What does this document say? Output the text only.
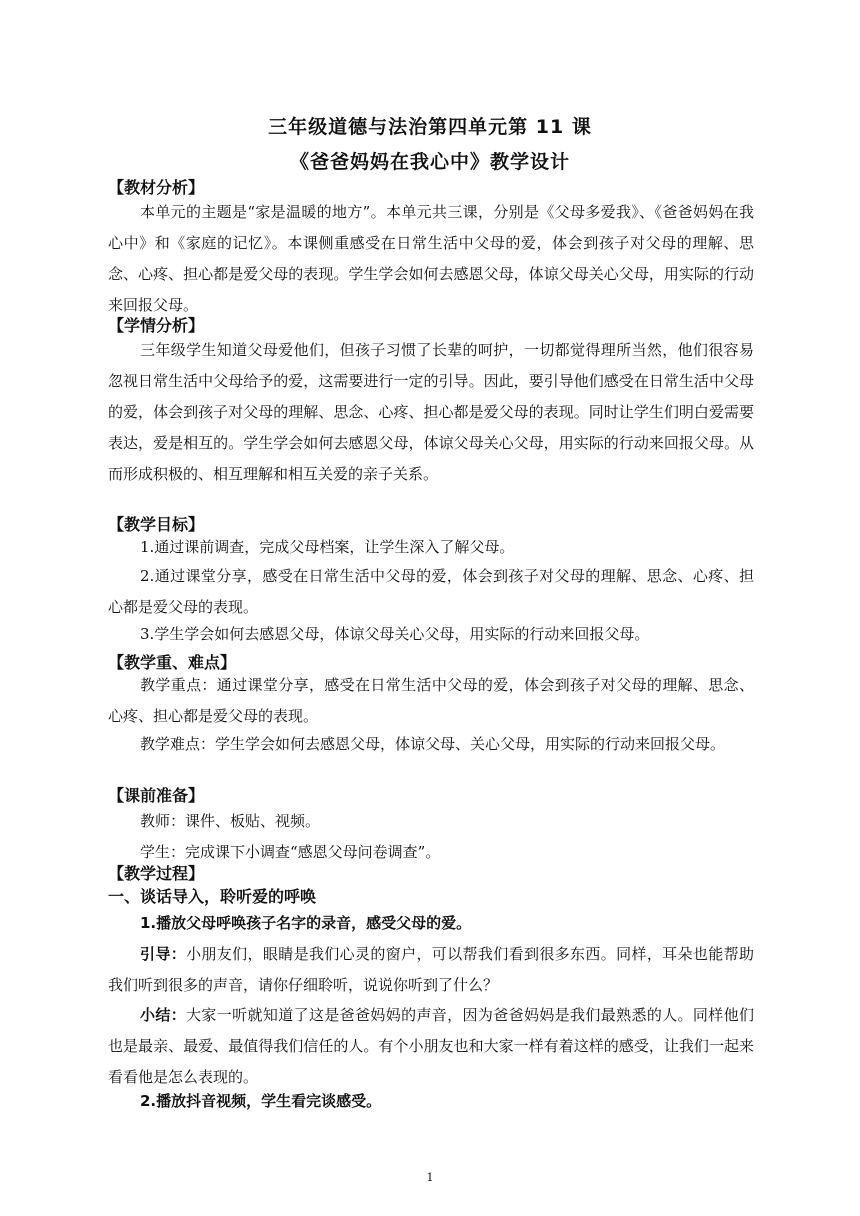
三年级道德与法治第四单元第 11 课
《爸爸妈妈在我心中》教学设计
【教材分析】

本单元的主题是“家是温暖的地方”。本单元共三课，分别是《父母多爱我》、《爸爸妈妈在我心中》和《家庭的记忆》。本课侧重感受在日常生活中父母的爱，体会到孩子对父母的理解、思念、心疼、担心都是爱父母的表现。学生学会如何去感恩父母，体谅父母关心父母，用实际的行动来回报父母。

【学情分析】

三年级学生知道父母爱他们，但孩子习惯了长辈的呵护，一切都觉得理所当然，他们很容易忽视日常生活中父母给予的爱，这需要进行一定的引导。因此，要引导他们感受在日常生活中父母的爱，体会到孩子对父母的理解、思念、心疼、担心都是爱父母的表现。同时让学生们明白爱需要表达，爱是相互的。学生学会如何去感恩父母，体谅父母关心父母，用实际的行动来回报父母。从而形成积极的、相互理解和相互关爱的亲子关系。

【教学目标】

1.通过课前调查，完成父母档案，让学生深入了解父母。

2.通过课堂分享，感受在日常生活中父母的爱，体会到孩子对父母的理解、思念、心疼、担心都是爱父母的表现。

3.学生学会如何去感恩父母，体谅父母关心父母，用实际的行动来回报父母。

【教学重、难点】

教学重点：通过课堂分享，感受在日常生活中父母的爱，体会到孩子对父母的理解、思念、心疼、担心都是爱父母的表现。

教学难点：学生学会如何去感恩父母，体谅父母、关心父母，用实际的行动来回报父母。

【课前准备】

教师：课件、板贴、视频。

学生：完成课下小调查“感恩父母问卷调查”。

【教学过程】
一、谈话导入，聆听爱的呼唤

1.播放父母呼唤孩子名字的录音，感受父母的爱。

引导：小朋友们，眼睛是我们心灵的窗户，可以帮我们看到很多东西。同样，耳朵也能帮助我们听到很多的声音，请你仔细聆听，说说你听到了什么？

小结：大家一听就知道了这是爸爸妈妈的声音，因为爸爸妈妈是我们最熟悉的人。同样他们也是最亲、最爱、最值得我们信任的人。有个小朋友也和大家一样有着这样的感受，让我们一起来看看他是怎么表现的。

2.播放抖音视频，学生看完谈感受。

1
